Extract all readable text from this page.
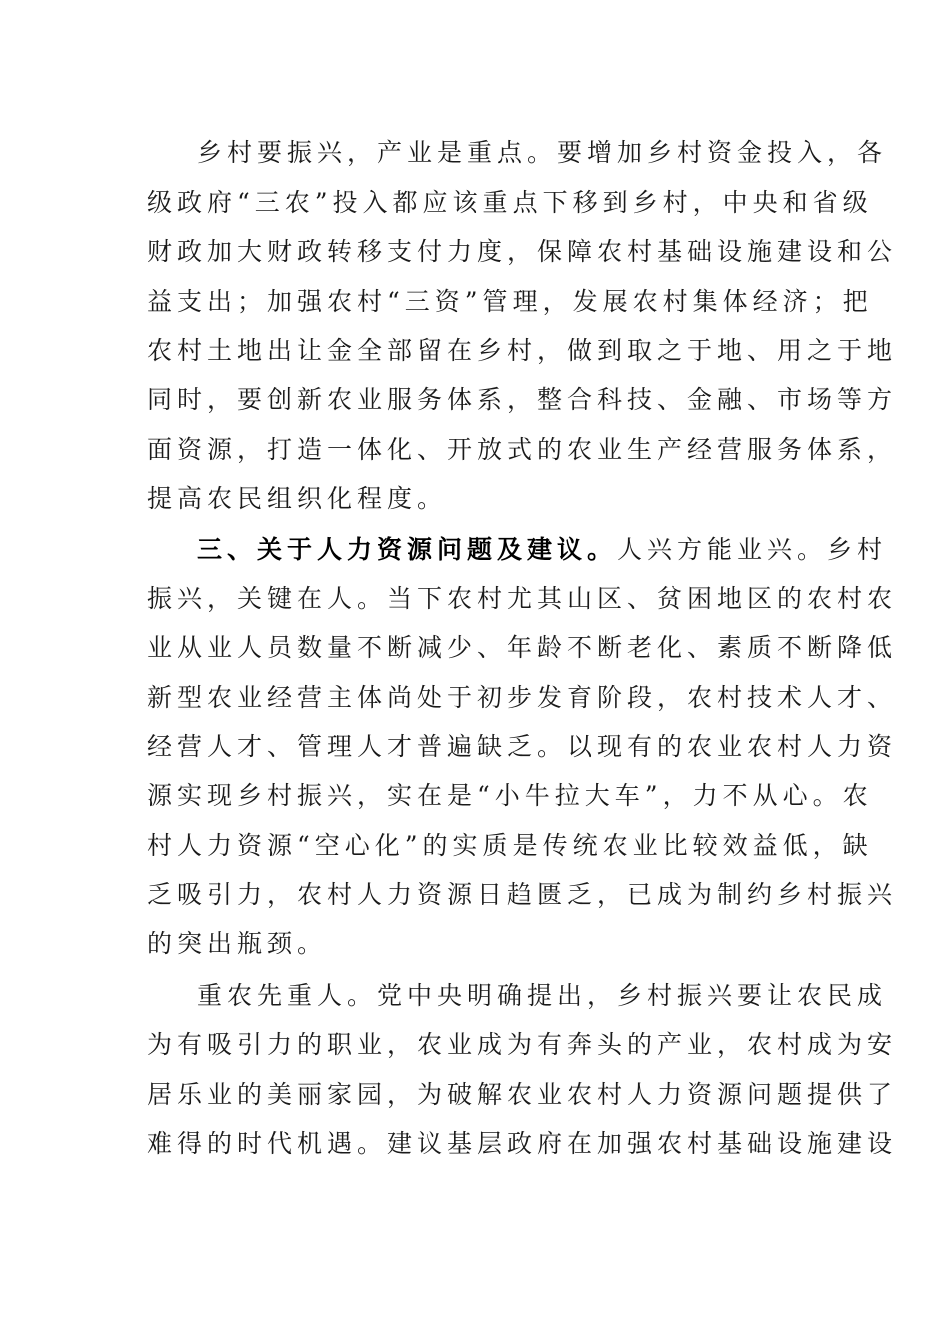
乡村要振兴，产业是重点。要增加乡村资金投入，各
级政府“三农”投入都应该重点下移到乡村，中央和省级
财政加大财政转移支付力度，保障农村基础设施建设和公
益支出；加强农村“三资”管理，发展农村集体经济；把
农村土地出让金全部留在乡村，做到取之于地、用之于地
同时，要创新农业服务体系，整合科技、金融、市场等方
面资源，打造一体化、开放式的农业生产经营服务体系，
提高农民组织化程度。
三、关于人力资源问题及建议。人兴方能业兴。乡村
振兴，关键在人。当下农村尤其山区、贫困地区的农村农
业从业人员数量不断减少、年龄不断老化、素质不断降低
新型农业经营主体尚处于初步发育阶段，农村技术人才、
经营人才、管理人才普遍缺乏。以现有的农业农村人力资
源实现乡村振兴，实在是“小牛拉大车”，力不从心。农
村人力资源“空心化”的实质是传统农业比较效益低，缺
乏吸引力，农村人力资源日趋匮乏，已成为制约乡村振兴
的突出瓶颈。
重农先重人。党中央明确提出，乡村振兴要让农民成
为有吸引力的职业，农业成为有奔头的产业，农村成为安
居乐业的美丽家园，为破解农业农村人力资源问题提供了
难得的时代机遇。建议基层政府在加强农村基础设施建设
